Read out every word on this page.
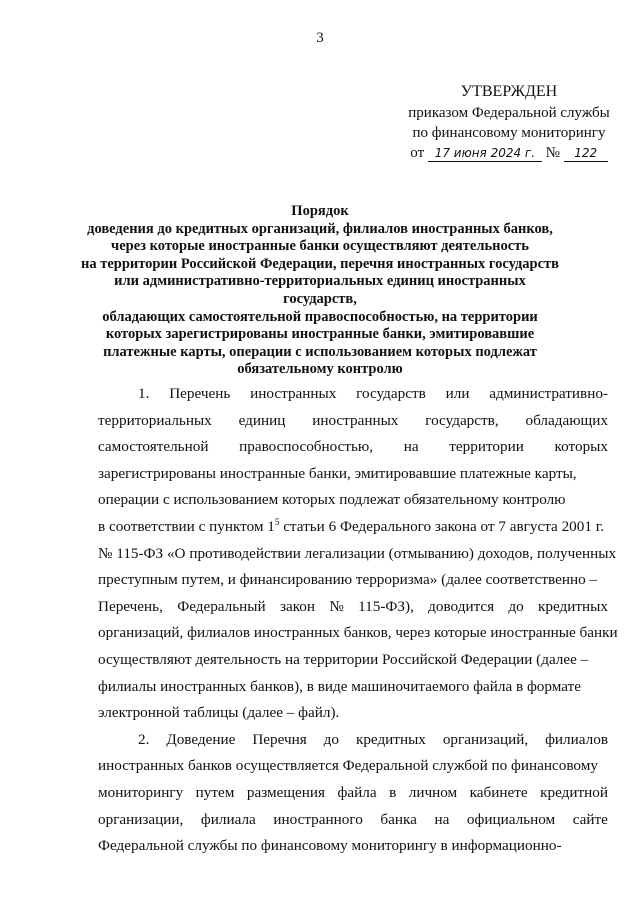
3
УТВЕРЖДЕН
приказом Федеральной службы
по финансовому мониторингу
от 17 июня 2024 г. № 122
Порядок
доведения до кредитных организаций, филиалов иностранных банков,
через которые иностранные банки осуществляют деятельность
на территории Российской Федерации, перечня иностранных государств
или административно-территориальных единиц иностранных государств,
обладающих самостоятельной правоспособностью, на территории
которых зарегистрированы иностранные банки, эмитировавшие
платежные карты, операции с использованием которых подлежат
обязательному контролю
1. Перечень иностранных государств или административно-
территориальных единиц иностранных государств, обладающих
самостоятельной правоспособностью, на территории которых
зарегистрированы иностранные банки, эмитировавшие платежные карты,
операции с использованием которых подлежат обязательному контролю
в соответствии с пунктом $1^5$ статьи 6 Федерального закона от 7 августа 2001 г.
№ 115-ФЗ «О противодействии легализации (отмыванию) доходов, полученных
преступным путем, и финансированию терроризма» (далее соответственно –
Перечень, Федеральный закон № 115-ФЗ), доводится до кредитных
организаций, филиалов иностранных банков, через которые иностранные банки
осуществляют деятельность на территории Российской Федерации (далее –
филиалы иностранных банков), в виде машиночитаемого файла в формате
электронной таблицы (далее – файл).
2. Доведение Перечня до кредитных организаций, филиалов
иностранных банков осуществляется Федеральной службой по финансовому
мониторингу путем размещения файла в личном кабинете кредитной
организации, филиала иностранного банка на официальном сайте
Федеральной службы по финансовому мониторингу в информационно-
